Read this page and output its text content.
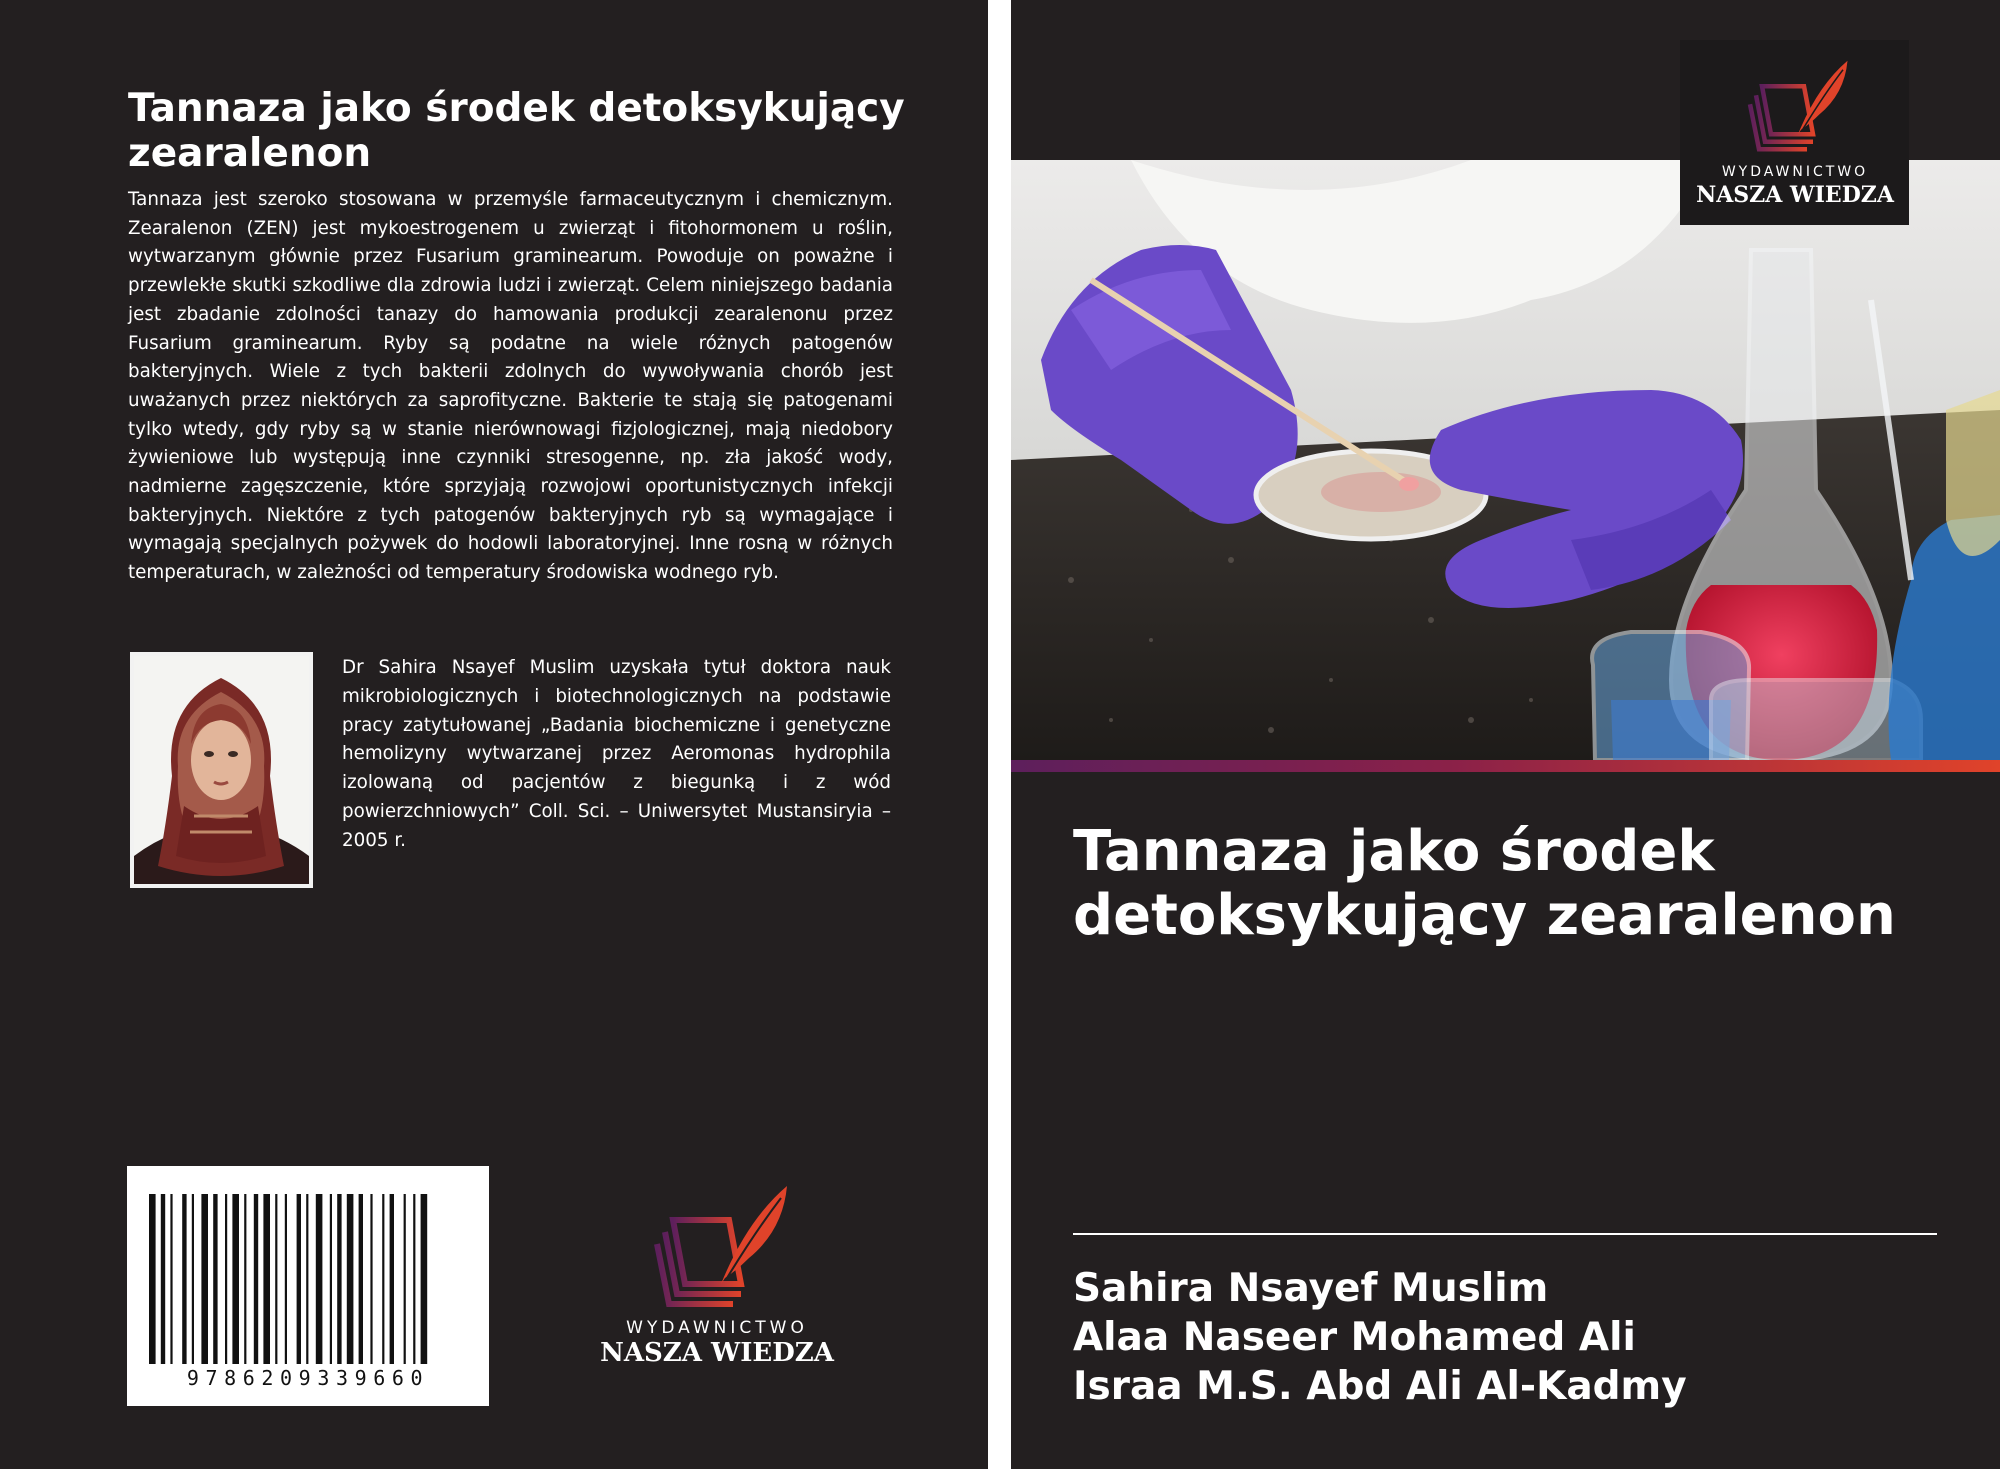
Tannaza jako środek detoksykujący zearalenon

Tannaza jest szeroko stosowana w przemyśle farmaceutycznym i chemicznym. Zearalenon (ZEN) jest mykoestrogenem u zwierząt i fitohormonem u roślin, wytwarzanym głównie przez Fusarium graminearum. Powoduje on poważne i przewlekłe skutki szkodliwe dla zdrowia ludzi i zwierząt. Celem niniejszego badania jest zbadanie zdolności tanazy do hamowania produkcji zearalenonu przez Fusarium graminearum. Ryby są podatne na wiele różnych patogenów bakteryjnych. Wiele z tych bakterii zdolnych do wywoływania chorób jest uważanych przez niektórych za saprofityczne. Bakterie te stają się patogenami tylko wtedy, gdy ryby są w stanie nierównowagi fizjologicznej, mają niedobory żywieniowe lub występują inne czynniki stresogenne, np. zła jakość wody, nadmierne zagęszczenie, które sprzyjają rozwojowi oportunistycznych infekcji bakteryjnych. Niektóre z tych patogenów bakteryjnych ryb są wymagające i wymagają specjalnych pożywek do hodowli laboratoryjnej. Inne rosną w różnych temperaturach, w zależności od temperatury środowiska wodnego ryb.

Dr Sahira Nsayef Muslim uzyskała tytuł doktora nauk mikrobiologicznych i biotechnologicznych na podstawie pracy zatytułowanej „Badania biochemiczne i genetyczne hemolizyny wytwarzanej przez Aeromonas hydrophila izolowaną od pacjentów z biegunką i z wód powierzchniowych” Coll. Sci. – Uniwersytet Mustansiryia – 2005 r.

9786209339660
WYDAWNICTWO
NASZA WIEDZA
WYDAWNICTWO
NASZA WIEDZA
Tannaza jako środek detoksykujący zearalenon

Sahira Nsayef Muslim

Alaa Naseer Mohamed Ali

Israa M.S. Abd Ali Al-Kadmy
